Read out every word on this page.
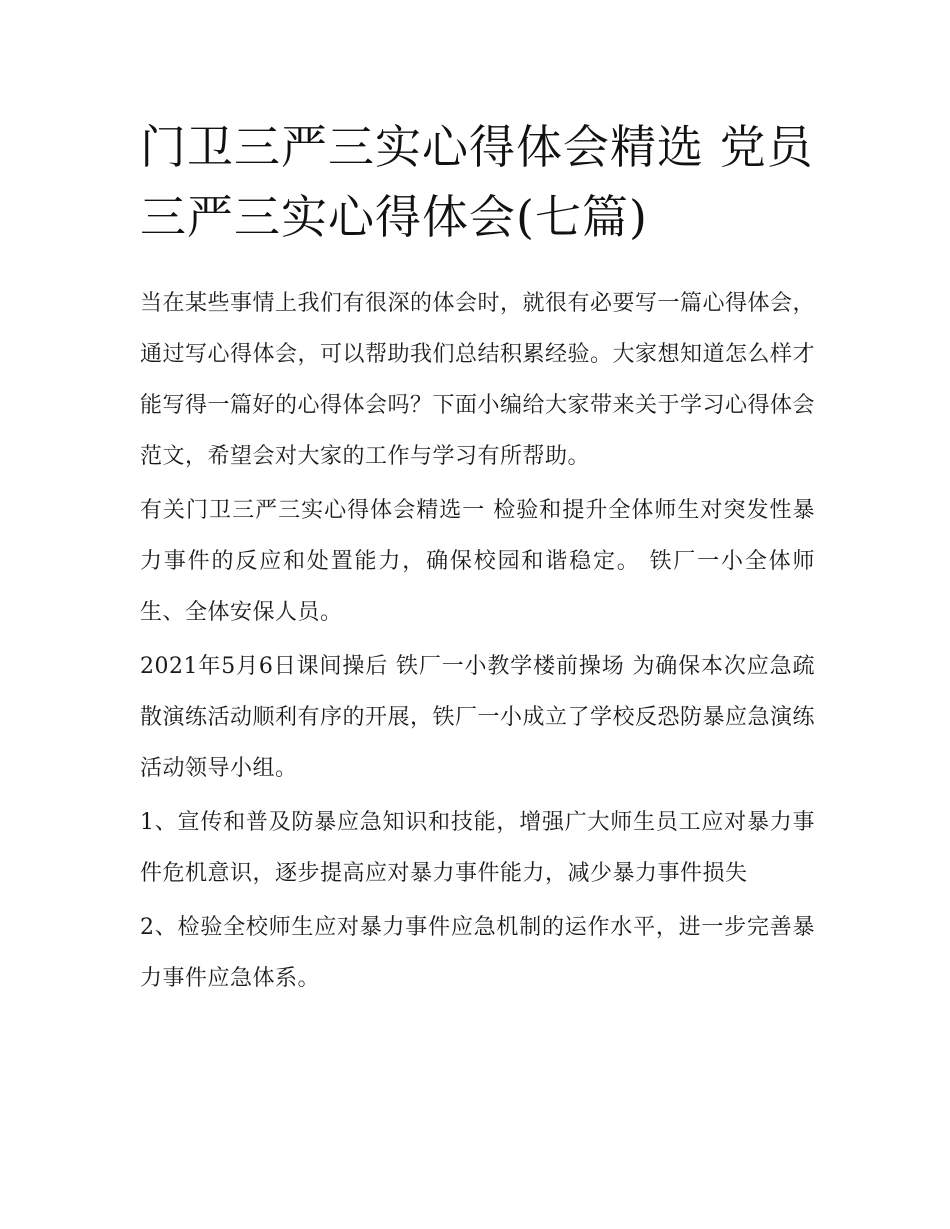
门卫三严三实心得体会精选 党员三严三实心得体会(七篇)

当在某些事情上我们有很深的体会时，就很有必要写一篇心得体会，通过写心得体会，可以帮助我们总结积累经验。大家想知道怎么样才能写得一篇好的心得体会吗？下面小编给大家带来关于学习心得体会范文，希望会对大家的工作与学习有所帮助。

有关门卫三严三实心得体会精选一 检验和提升全体师生对突发性暴力事件的反应和处置能力，确保校园和谐稳定。 铁厂一小全体师生、全体安保人员。

2021年5月6日课间操后 铁厂一小教学楼前操场 为确保本次应急疏散演练活动顺利有序的开展，铁厂一小成立了学校反恐防暴应急演练活动领导小组。

1、宣传和普及防暴应急知识和技能，增强广大师生员工应对暴力事件危机意识，逐步提高应对暴力事件能力，减少暴力事件损失

2、检验全校师生应对暴力事件应急机制的运作水平，进一步完善暴力事件应急体系。
